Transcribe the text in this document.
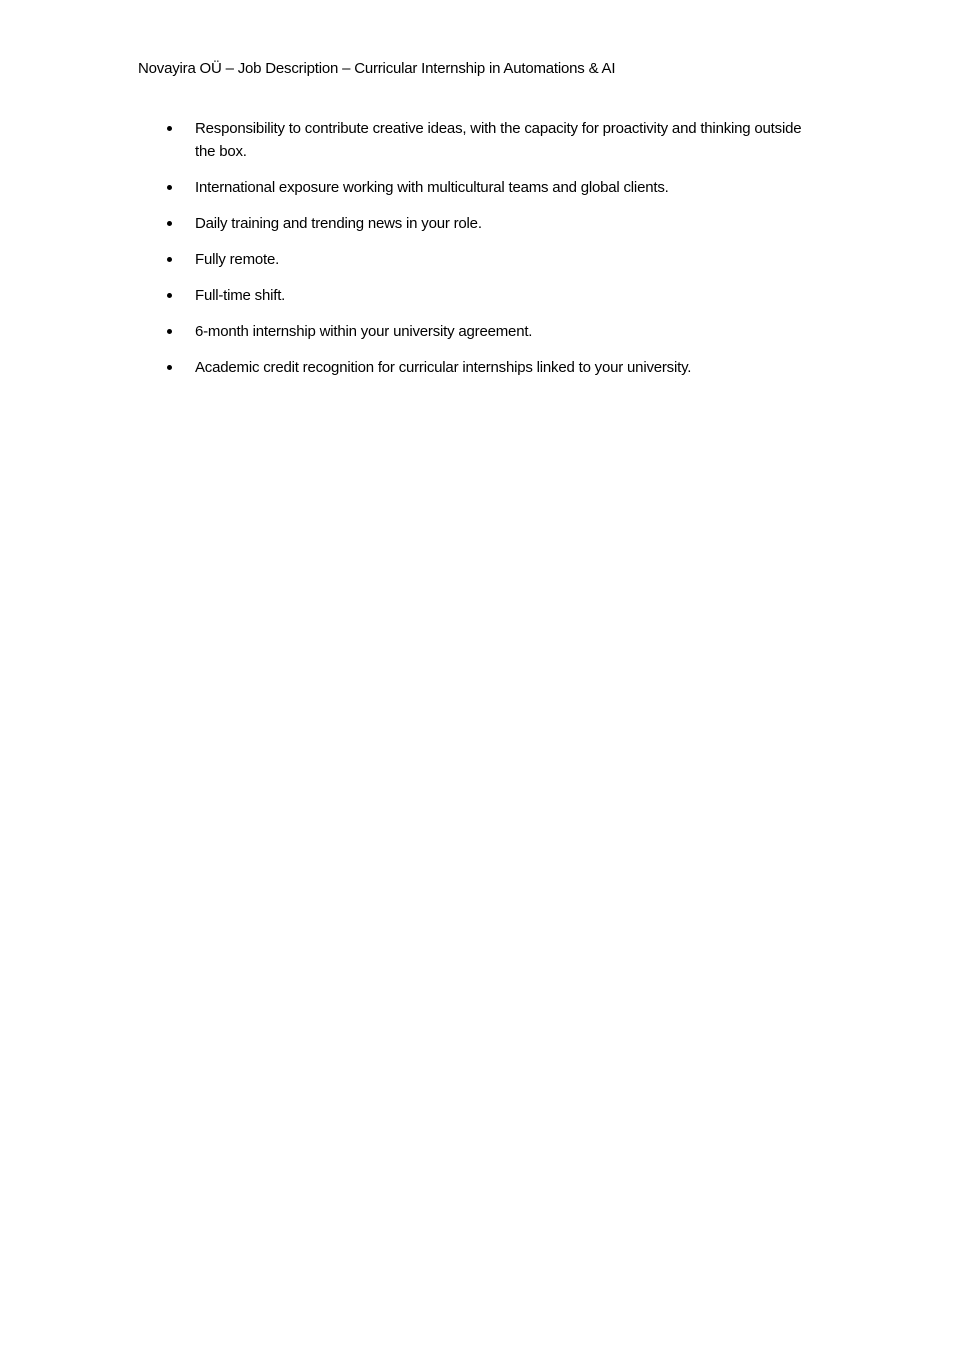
Novayira OÜ – Job Description – Curricular Internship in Automations & AI
Responsibility to contribute creative ideas, with the capacity for proactivity and thinking outside the box.
International exposure working with multicultural teams and global clients.
Daily training and trending news in your role.
Fully remote.
Full-time shift.
6-month internship within your university agreement.
Academic credit recognition for curricular internships linked to your university.
